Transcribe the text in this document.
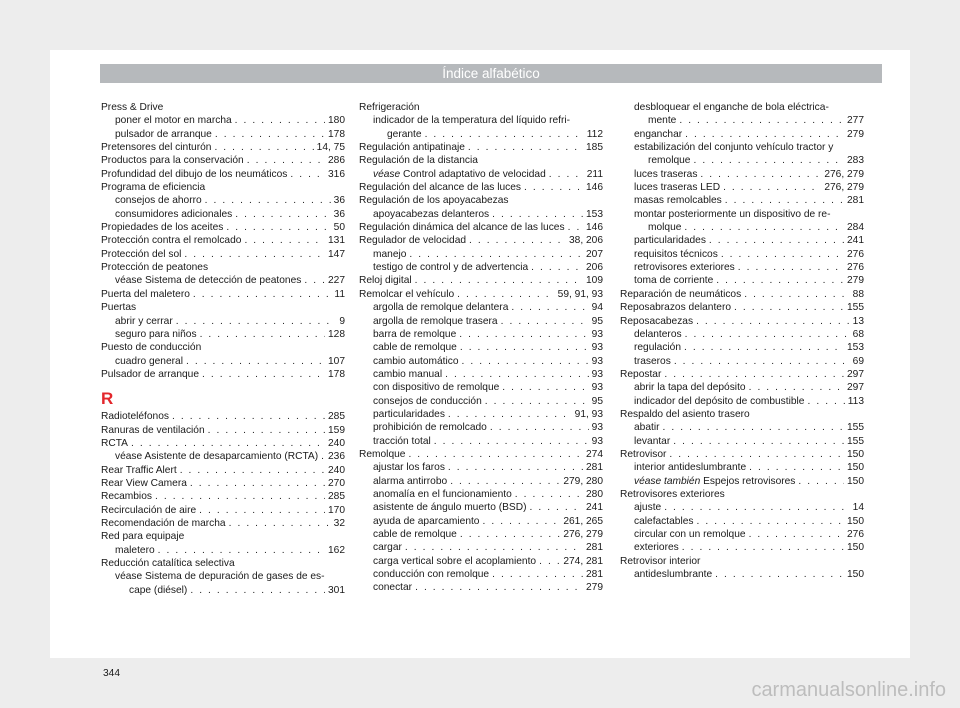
Índice alfabético
Press & Drive
poner el motor en marcha . . .	180
pulsador de arranque . . .	178
Pretensores del cinturón . . .	14, 75
Productos para la conservación . . .	286
Profundidad del dibujo de los neumáticos . . .	316
Programa de eficiencia
consejos de ahorro . . .	36
consumidores adicionales . . .	36
Propiedades de los aceites . . .	50
Protección contra el remolcado . . .	131
Protección del sol . . .	147
Protección de peatones
véase Sistema de detección de peatones . . .	227
Puerta del maletero . . .	11
Puertas
abrir y cerrar . . .	9
seguro para niños . . .	128
Puesto de conducción
cuadro general . . .	107
Pulsador de arranque . . .	178
R
Radioteléfonos . . .	285
Ranuras de ventilación . . .	159
RCTA . . .	240
véase Asistente de desaparcamiento (RCTA) . . . 236
Rear Traffic Alert . . .	240
Rear View Camera . . .	270
Recambios . . .	285
Recirculación de aire . . .	170
Recomendación de marcha . . .	32
Red para equipaje
maletero . . .	162
Reducción catalítica selectiva
véase Sistema de depuración de gases de es-
cape (diésel) . . .	301
Refrigeración
indicador de la temperatura del líquido refri-
gerante . . .	112
Regulación antipatinaje . . .	185
Regulación de la distancia
véase Control adaptativo de velocidad . . .	211
Regulación del alcance de las luces . . .	146
Regulación de los apoyacabezas
apoyacabezas delanteros . . .	153
Regulación dinámica del alcance de las luces . . . 146
Regulador de velocidad . . .	38, 206
manejo . . .	207
testigo de control y de advertencia . . .	206
Reloj digital . . .	109
Remolcar el vehículo . . .	59, 91, 93
argolla de remolque delantera . . .	94
argolla de remolque trasera . . .	95
barra de remolque . . .	93
cable de remolque . . .	93
cambio automático . . .	93
cambio manual . . .	93
con dispositivo de remolque . . .	93
consejos de conducción . . .	95
particularidades . . .	91, 93
prohibición de remolcado . . .	93
tracción total . . .	93
Remolque . . .	274
ajustar los faros . . .	281
alarma antirrobo . . .	279, 280
anomalía en el funcionamiento . . .	280
asistente de ángulo muerto (BSD) . . .	241
ayuda de aparcamiento . . .	261, 265
cable de remolque . . .	276, 279
cargar . . .	281
carga vertical sobre el acoplamiento . . .	274, 281
conducción con remolque . . .	281
conectar . . .	279
desbloquear el enganche de bola eléctrica-
mente . . .	277
enganchar . . .	279
estabilización del conjunto vehículo tractor y
remolque . . .	283
luces traseras . . .	276, 279
luces traseras LED . . .	276, 279
masas remolcables . . .	281
montar posteriormente un dispositivo de re-
molque . . .	284
particularidades . . .	241
requisitos técnicos . . .	276
retrovisores exteriores . . .	276
toma de corriente . . .	279
Reparación de neumáticos . . .	88
Reposabrazos delantero . . .	155
Reposacabezas . . .	13
delanteros . . .	68
regulación . . .	153
traseros . . .	69
Repostar . . .	297
abrir la tapa del depósito . . .	297
indicador del depósito de combustible . . .	113
Respaldo del asiento trasero
abatir . . .	155
levantar . . .	155
Retrovisor . . .	150
interior antideslumbrante . . .	150
véase también Espejos retrovisores . . .	150
Retrovisores exteriores
ajuste . . .	14
calefactables . . .	150
circular con un remolque . . .	276
exteriores . . .	150
Retrovisor interior
antideslumbrante . . .	150
344
carmanualsonline.info
